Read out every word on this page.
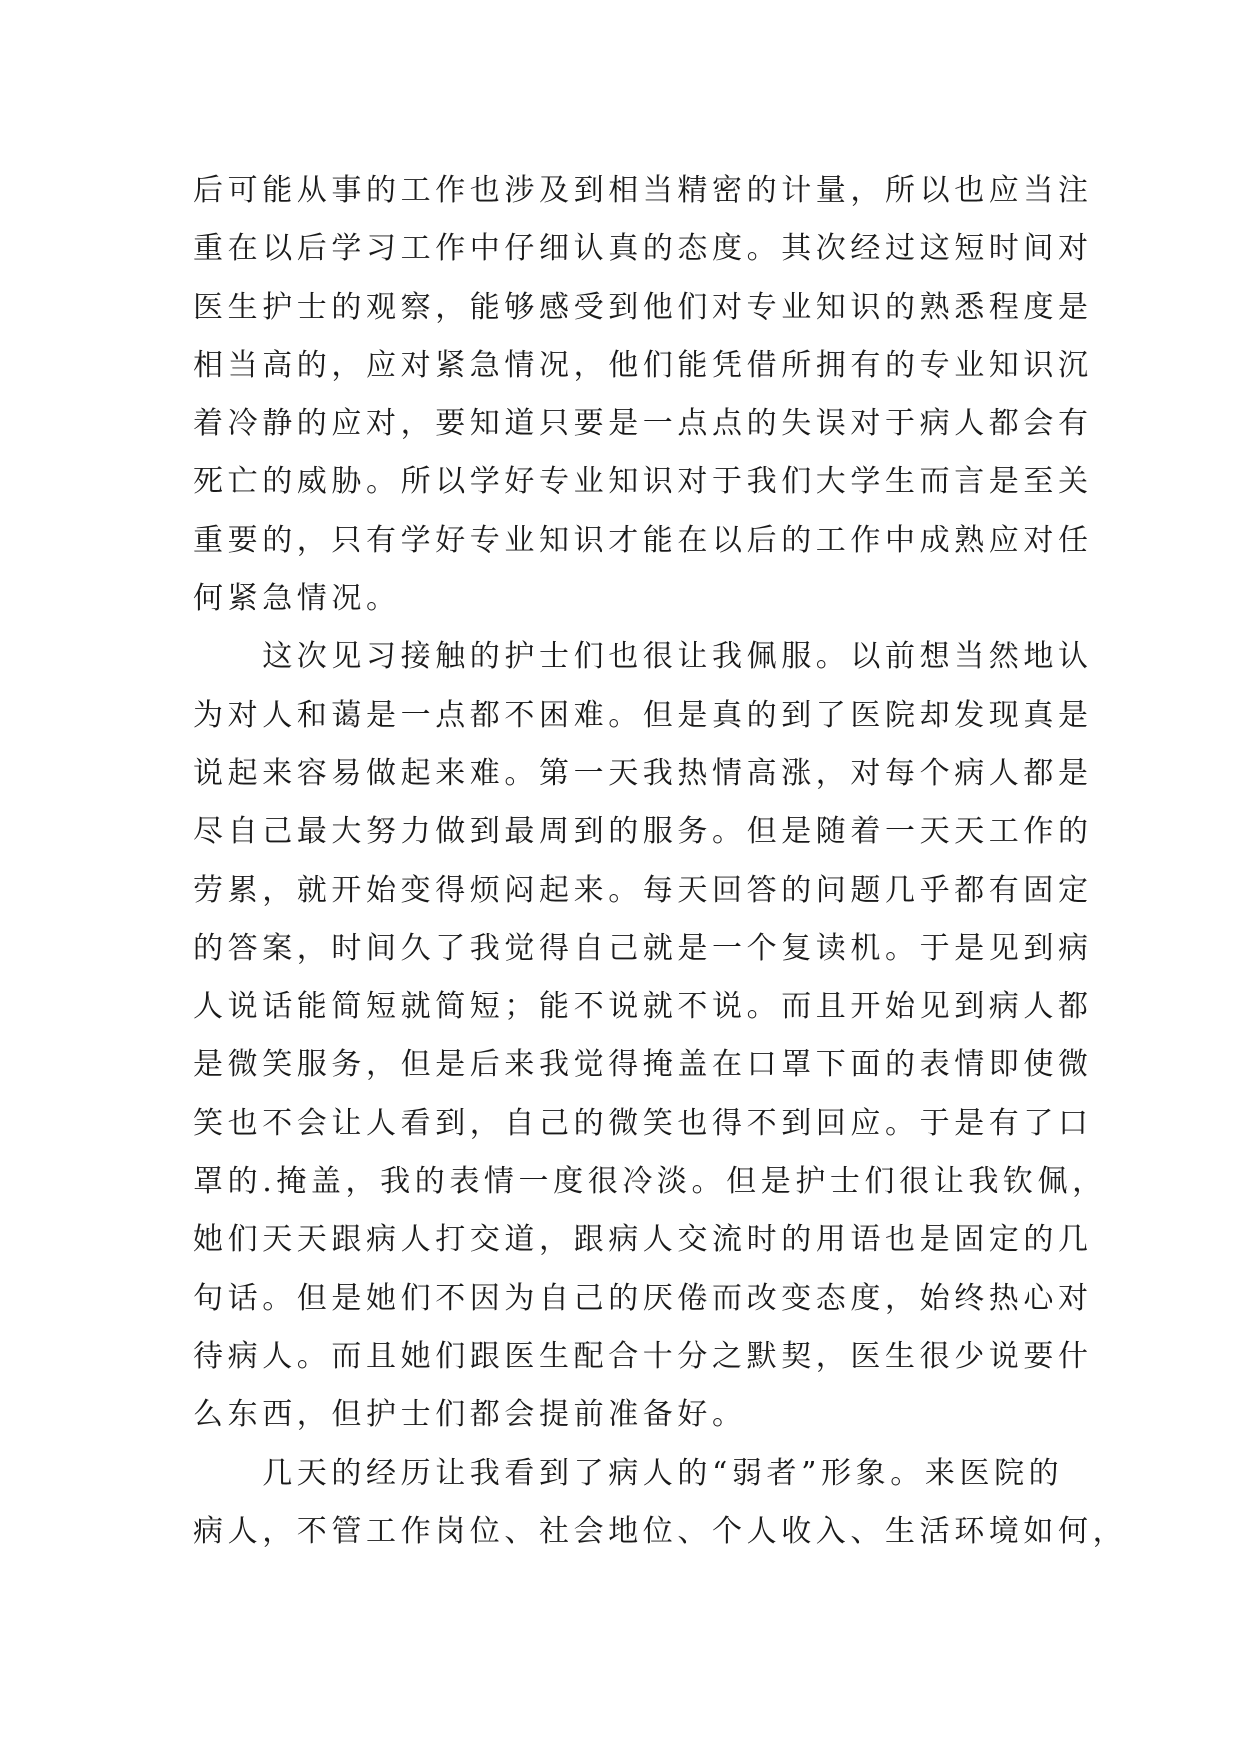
后可能从事的工作也涉及到相当精密的计量，所以也应当注
重在以后学习工作中仔细认真的态度。其次经过这短时间对
医生护士的观察，能够感受到他们对专业知识的熟悉程度是
相当高的，应对紧急情况，他们能凭借所拥有的专业知识沉
着冷静的应对，要知道只要是一点点的失误对于病人都会有
死亡的威胁。所以学好专业知识对于我们大学生而言是至关
重要的，只有学好专业知识才能在以后的工作中成熟应对任
何紧急情况。
　　这次见习接触的护士们也很让我佩服。以前想当然地认
为对人和蔼是一点都不困难。但是真的到了医院却发现真是
说起来容易做起来难。第一天我热情高涨，对每个病人都是
尽自己最大努力做到最周到的服务。但是随着一天天工作的
劳累，就开始变得烦闷起来。每天回答的问题几乎都有固定
的答案，时间久了我觉得自己就是一个复读机。于是见到病
人说话能简短就简短；能不说就不说。而且开始见到病人都
是微笑服务，但是后来我觉得掩盖在口罩下面的表情即使微
笑也不会让人看到，自己的微笑也得不到回应。于是有了口
罩的.掩盖，我的表情一度很冷淡。但是护士们很让我钦佩，
她们天天跟病人打交道，跟病人交流时的用语也是固定的几
句话。但是她们不因为自己的厌倦而改变态度，始终热心对
待病人。而且她们跟医生配合十分之默契，医生很少说要什
么东西，但护士们都会提前准备好。
　　几天的经历让我看到了病人的“弱者”形象。来医院的
病人，不管工作岗位、社会地位、个人收入、生活环境如何，
